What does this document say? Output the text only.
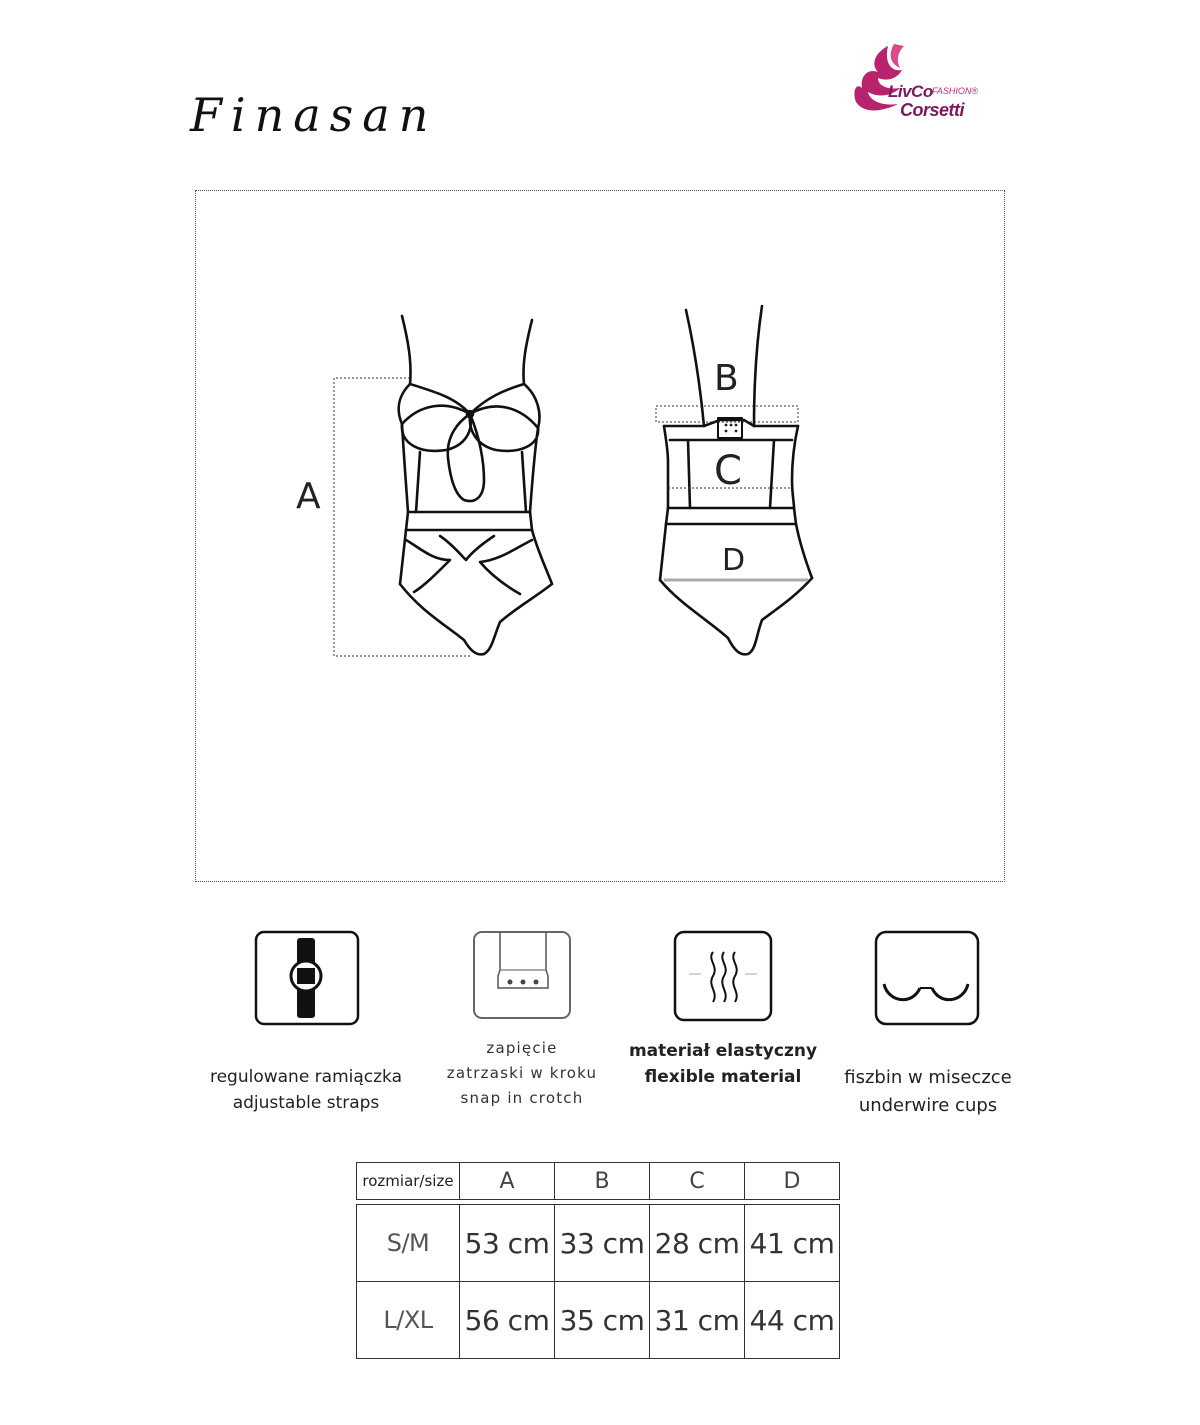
Finasan	LivCo FASHION®
Corsetti
A
B
C
D
regulowane ramiączka
adjustable straps
zapięcie
zatrzaski w kroku
snap in crotch
materiał elastyczny
flexible material	fiszbin w miseczce
underwire cups
rozmiar/size	A	B	C	D

S/M	53 cm	33 cm	28 cm	41 cm
L/XL	56 cm	35 cm	31 cm	44 cm
